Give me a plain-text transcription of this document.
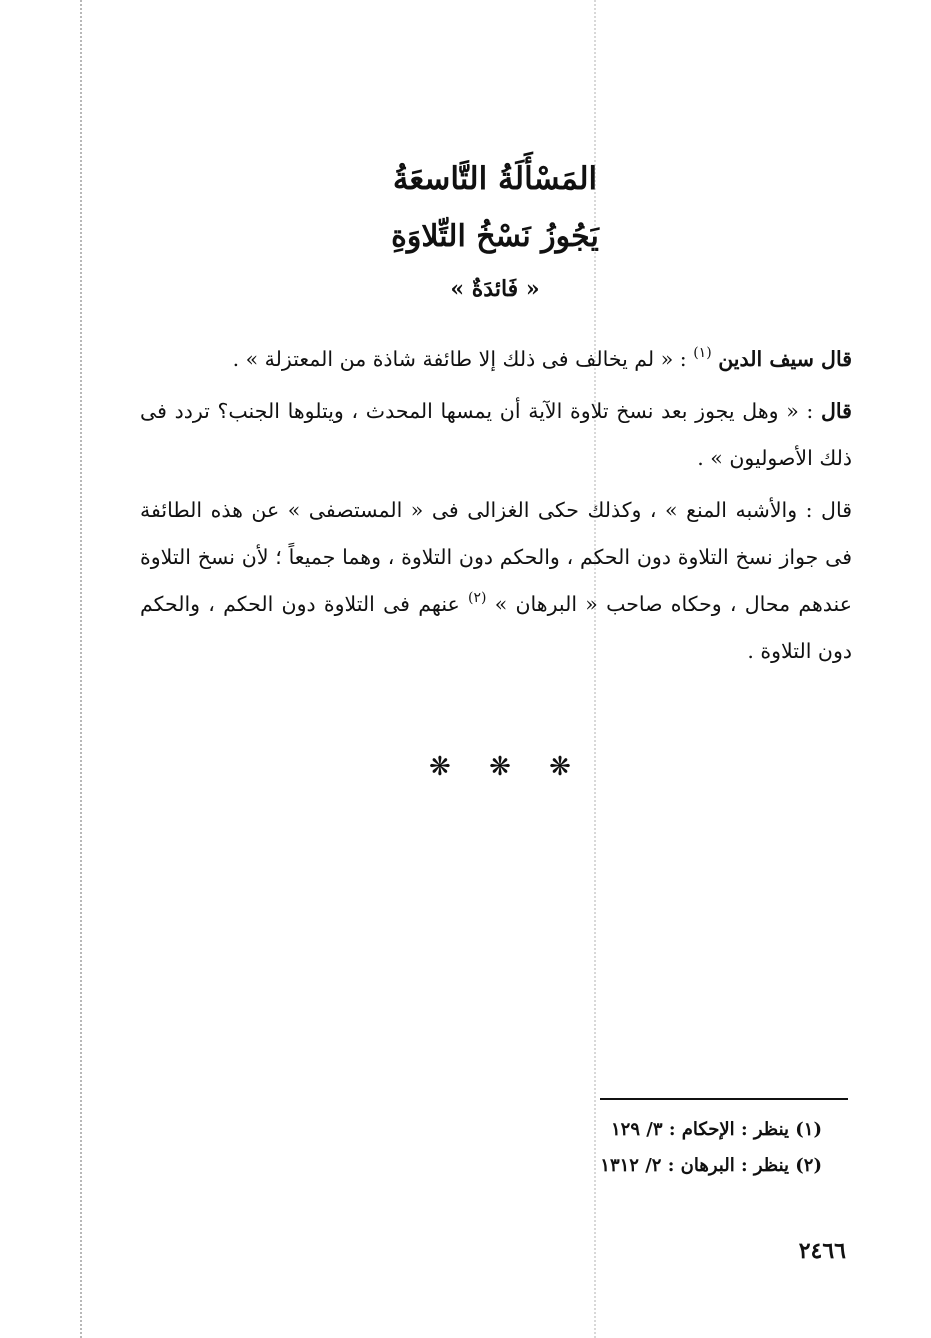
المَسْأَلَةُ التَّاسعَةُ
يَجُوزُ نَسْخُ التِّلاوَةِ
« فَائدَةٌ »

قال سيف الدين $^{(١)}$ : « لم يخالف فى ذلك إلا طائفة شاذة من المعتزلة » .

قال : « وهل يجوز بعد نسخ تلاوة الآية أن يمسها المحدث ، ويتلوها الجنب؟ تردد فى ذلك الأصوليون » .

قال : والأشبه المنع » ، وكذلك حكى الغزالى فى « المستصفى » عن هذه الطائفة فى جواز نسخ التلاوة دون الحكم ، والحكم دون التلاوة ، وهما جميعاً ؛ لأن نسخ التلاوة عندهم محال ، وحكاه صاحب « البرهان » $^{(٢)}$ عنهم فى التلاوة دون الحكم ، والحكم دون التلاوة .

❋ ❋ ❋
(١) ينظر : الإحكام : ٣/ ١٢٩
(٢) ينظر : البرهان : ٢/ ١٣١٢
٢٤٦٦
